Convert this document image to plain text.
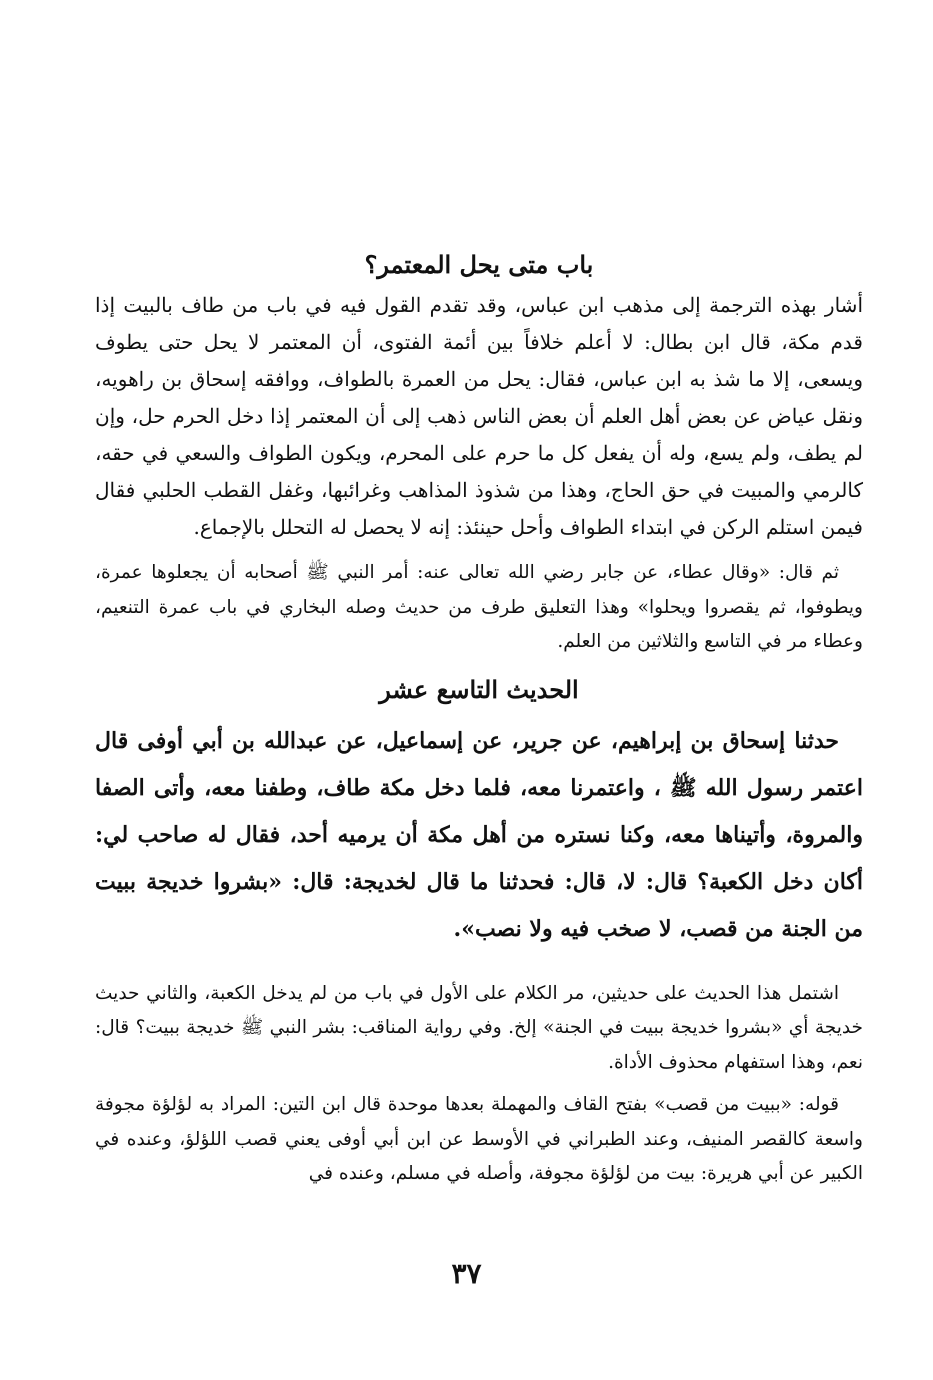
باب متى يحل المعتمر؟

أشار بهذه الترجمة إلى مذهب ابن عباس، وقد تقدم القول فيه في باب من طاف بالبيت إذا قدم مكة، قال ابن بطال: لا أعلم خلافاً بين أئمة الفتوى، أن المعتمر لا يحل حتى يطوف ويسعى، إلا ما شذ به ابن عباس، فقال: يحل من العمرة بالطواف، ووافقه إسحاق بن راهويه، ونقل عياض عن بعض أهل العلم أن بعض الناس ذهب إلى أن المعتمر إذا دخل الحرم حل، وإن لم يطف، ولم يسع، وله أن يفعل كل ما حرم على المحرم، ويكون الطواف والسعي في حقه، كالرمي والمبيت في حق الحاج، وهذا من شذوذ المذاهب وغرائبها، وغفل القطب الحلبي فقال فيمن استلم الركن في ابتداء الطواف وأحل حينئذ: إنه لا يحصل له التحلل بالإجماع.

ثم قال: «وقال عطاء، عن جابر رضي الله تعالى عنه: أمر النبي ﷺ أصحابه أن يجعلوها عمرة، ويطوفوا، ثم يقصروا ويحلوا» وهذا التعليق طرف من حديث وصله البخاري في باب عمرة التنعيم، وعطاء مر في التاسع والثلاثين من العلم.

الحديث التاسع عشر

حدثنا إسحاق بن إبراهيم، عن جرير، عن إسماعيل، عن عبدالله بن أبي أوفى قال اعتمر رسول الله ﷺ ، واعتمرنا معه، فلما دخل مكة طاف، وطفنا معه، وأتى الصفا والمروة، وأتيناها معه، وكنا نستره من أهل مكة أن يرميه أحد، فقال له صاحب لي: أكان دخل الكعبة؟ قال: لا، قال: فحدثنا ما قال لخديجة: قال: «بشروا خديجة ببيت من الجنة من قصب، لا صخب فيه ولا نصب».

اشتمل هذا الحديث على حديثين، مر الكلام على الأول في باب من لم يدخل الكعبة، والثاني حديث خديجة أي «بشروا خديجة ببيت في الجنة» إلخ. وفي رواية المناقب: بشر النبي ﷺ خديجة ببيت؟ قال: نعم، وهذا استفهام محذوف الأداة.

قوله: «ببيت من قصب» بفتح القاف والمهملة بعدها موحدة قال ابن التين: المراد به لؤلؤة مجوفة واسعة كالقصر المنيف، وعند الطبراني في الأوسط عن ابن أبي أوفى يعني قصب اللؤلؤ، وعنده في الكبير عن أبي هريرة: بيت من لؤلؤة مجوفة، وأصله في مسلم، وعنده في

٣٧
